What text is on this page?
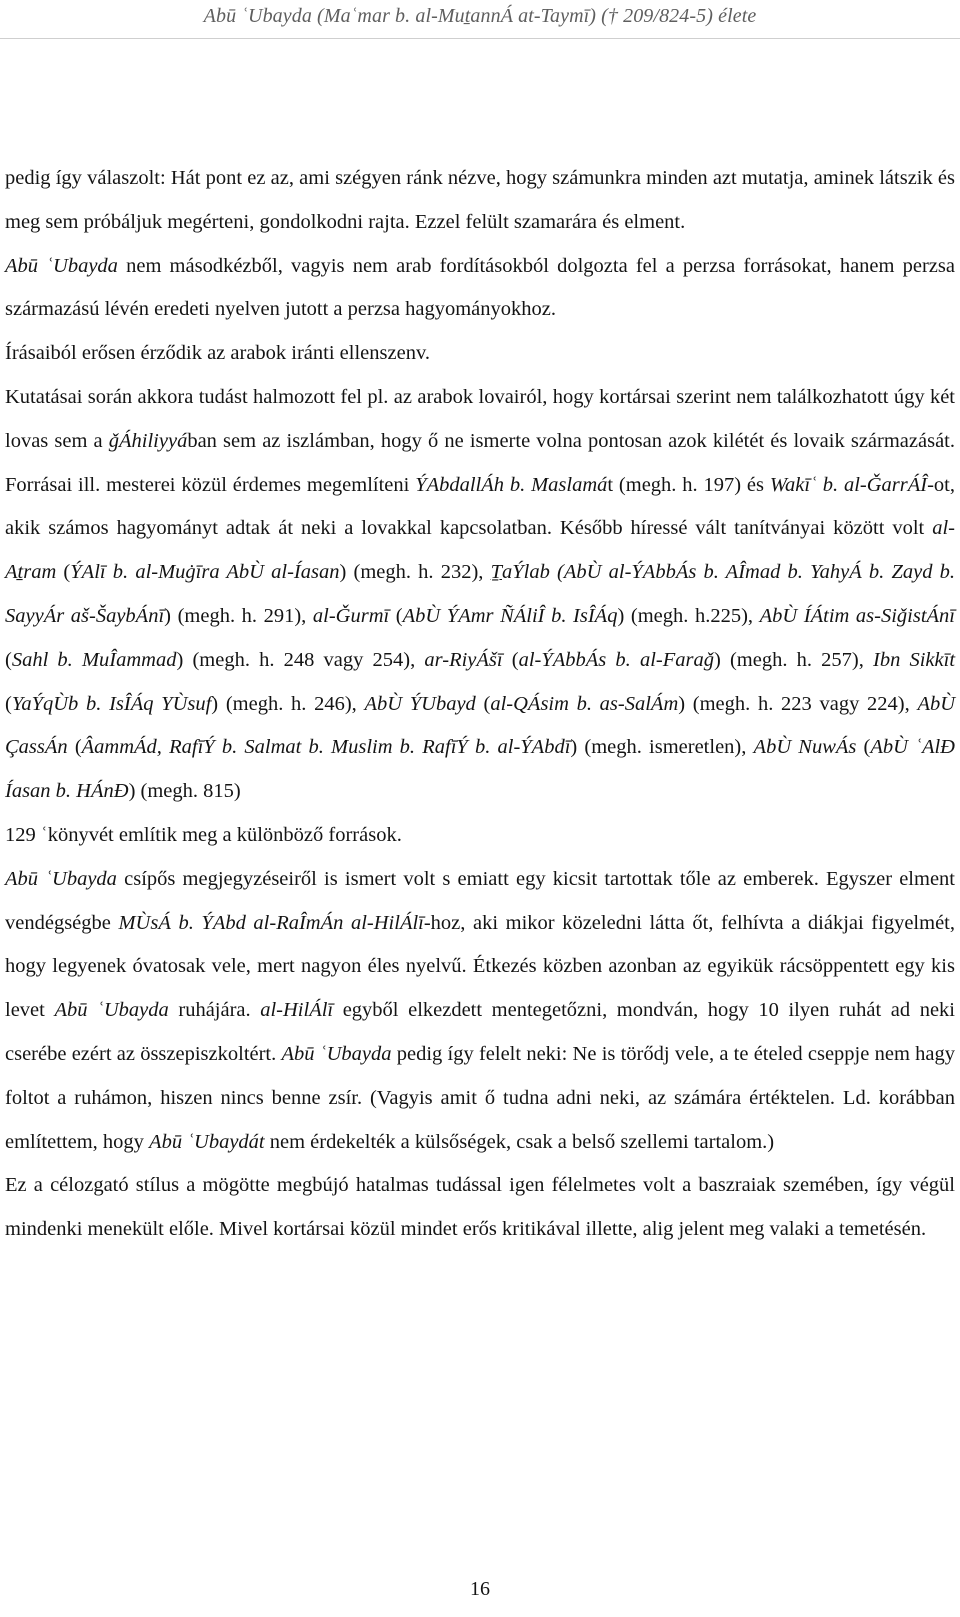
Abū ʿUbayda (Maʿmar b. al-MuṯannÁ at-Taymī) († 209/824-5) élete

pedig így válaszolt: Hát pont ez az, ami szégyen ránk nézve, hogy számunkra minden azt mutatja, aminek látszik és meg sem próbáljuk megérteni, gondolkodni rajta. Ezzel felült szamarára és elment.

Abū ʿUbayda nem másodkézből, vagyis nem arab fordításokból dolgozta fel a perzsa forrásokat, hanem perzsa származású lévén eredeti nyelven jutott a perzsa hagyományokhoz.

Írásaiból erősen érződik az arabok iránti ellenszenv.

Kutatásai során akkora tudást halmozott fel pl. az arabok lovairól, hogy kortársai szerint nem találkozhatott úgy két lovas sem a ǧÁhiliyyában sem az iszlámban, hogy ő ne ismerte volna pontosan azok kilétét és lovaik származását. Forrásai ill. mesterei közül érdemes megemlíteni ÝAbdallÁh b. Maslamát (megh. h. 197) és Wakīʿ b. al-ǦarrÁÎ-ot, akik számos hagyományt adtak át neki a lovakkal kapcsolatban. Később híressé vált tanítványai között volt al-Aṯram (ÝAlī b. al-Muġīra AbÙ al-Íasan) (megh. h. 232), ṮaÝlab (AbÙ al-ÝAbbÁs b. AÎmad b. YahyÁ b. Zayd b. SayyÁr aš-ŠaybÁnī) (megh. h. 291), al-Ǧurmī (AbÙ ÝAmr ÑÁliÎ b. IsÎÁq) (megh. h.225), AbÙ ÍÁtim as-SiǧistÁnī (Sahl b. MuÎammad) (megh. h. 248 vagy 254), ar-RiyÁšī (al-ÝAbbÁs b. al-Faraǧ) (megh. h. 257), Ibn Sikkīt (YaÝqÙb b. IsÎÁq YÙsuf) (megh. h. 246), AbÙ ÝUbayd (al-QÁsim b. as-SalÁm) (megh. h. 223 vagy 224), AbÙ ÇassÁn (ÂammÁd, RafīÝ b. Salmat b. Muslim b. RafīÝ b. al-ÝAbdī) (megh. ismeretlen), AbÙ NuwÁs (AbÙ ʿAlÐ Íasan b. HÁnÐ) (megh. 815)

129 ʿkönyvét említik meg a különböző források.

Abū ʿUbayda csípős megjegyzéseiről is ismert volt s emiatt egy kicsit tartottak tőle az emberek. Egyszer elment vendégségbe MÙsÁ b. ÝAbd al-RaÎmÁn al-HilÁlī-hoz, aki mikor közeledni látta őt, felhívta a diákjai figyelmét, hogy legyenek óvatosak vele, mert nagyon éles nyelvű. Étkezés közben azonban az egyikük rácsöppentett egy kis levet Abū ʿUbayda ruhájára. al-HilÁlī egyből elkezdett mentegetőzni, mondván, hogy 10 ilyen ruhát ad neki cserébe ezért az összepiszkoltért. Abū ʿUbayda pedig így felelt neki: Ne is törődj vele, a te ételed cseppje nem hagy foltot a ruhámon, hiszen nincs benne zsír. (Vagyis amit ő tudna adni neki, az számára értéktelen. Ld. korábban említettem, hogy Abū ʿUbaydát nem érdekelték a külsőségek, csak a belső szellemi tartalom.)

Ez a célozgató stílus a mögötte megbújó hatalmas tudással igen félelmetes volt a baszraiak szemében, így végül mindenki menekült előle. Mivel kortársai közül mindet erős kritikával illette, alig jelent meg valaki a temetésén.

16
